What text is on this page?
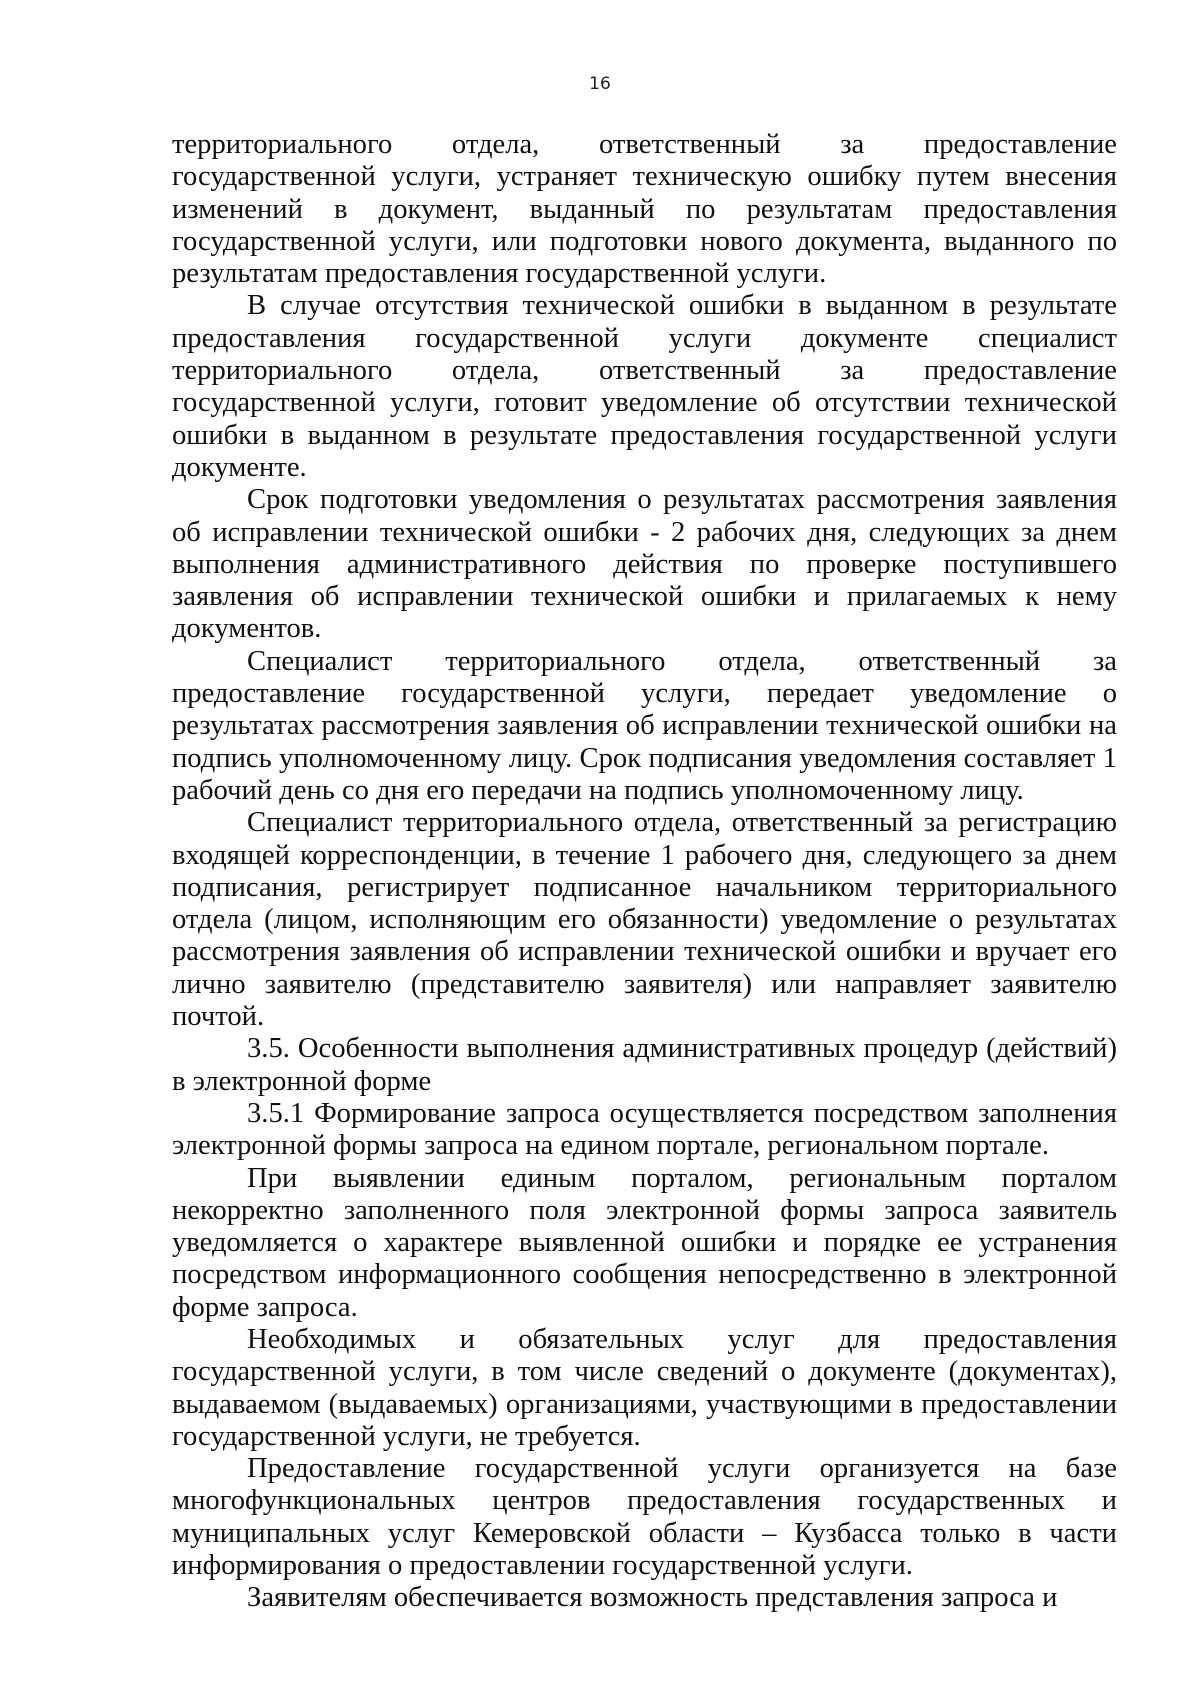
16

территориального отдела, ответственный за предоставление государственной услуги, устраняет техническую ошибку путем внесения изменений в документ, выданный по результатам предоставления государственной услуги, или подготовки нового документа, выданного по результатам предоставления государственной услуги.

В случае отсутствия технической ошибки в выданном в результате предоставления государственной услуги документе специалист территориального отдела, ответственный за предоставление государственной услуги, готовит уведомление об отсутствии технической ошибки в выданном в результате предоставления государственной услуги документе.

Срок подготовки уведомления о результатах рассмотрения заявления об исправлении технической ошибки - 2 рабочих дня, следующих за днем выполнения административного действия по проверке поступившего заявления об исправлении технической ошибки и прилагаемых к нему документов.

Специалист территориального отдела, ответственный за предоставление государственной услуги, передает уведомление о результатах рассмотрения заявления об исправлении технической ошибки на подпись уполномоченному лицу. Срок подписания уведомления составляет 1 рабочий день со дня его передачи на подпись уполномоченному лицу.

Специалист территориального отдела, ответственный за регистрацию входящей корреспонденции, в течение 1 рабочего дня, следующего за днем подписания, регистрирует подписанное начальником территориального отдела (лицом, исполняющим его обязанности) уведомление о результатах рассмотрения заявления об исправлении технической ошибки и вручает его лично заявителю (представителю заявителя) или направляет заявителю почтой.

3.5. Особенности выполнения административных процедур (действий) в электронной форме

3.5.1 Формирование запроса осуществляется посредством заполнения электронной формы запроса на едином портале, региональном портале.

При выявлении единым порталом, региональным порталом некорректно заполненного поля электронной формы запроса заявитель уведомляется о характере выявленной ошибки и порядке ее устранения посредством информационного сообщения непосредственно в электронной форме запроса.

Необходимых и обязательных услуг для предоставления государственной услуги, в том числе сведений о документе (документах), выдаваемом (выдаваемых) организациями, участвующими в предоставлении государственной услуги, не требуется.

Предоставление государственной услуги организуется на базе многофункциональных центров предоставления государственных и муниципальных услуг Кемеровской области – Кузбасса только в части информирования о предоставлении государственной услуги.

Заявителям обеспечивается возможность представления запроса и
